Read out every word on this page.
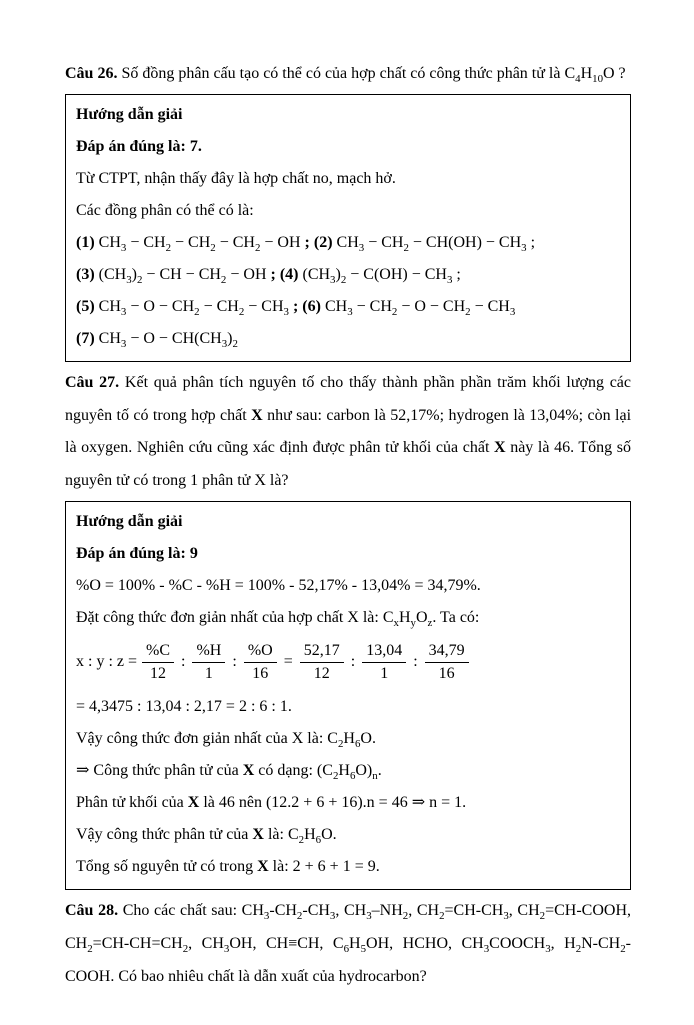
Câu 26. Số đồng phân cấu tạo có thể có của hợp chất có công thức phân tử là $C_4H_{10}O$ ?

Hướng dẫn giải

Đáp án đúng là: 7.

Từ CTPT, nhận thấy đây là hợp chất no, mạch hở.

Các đồng phân có thể có là:

(1) $CH_3 - CH_2 - CH_2 - CH_2$ − OH ; (2) $CH_3 - CH_2 - CH(OH) - CH_3$ ;

(3) $(CH_3)_2$ − CH − $CH_2$ − OH ; (4) $(CH_3)_2 - C(OH) - CH_3$ ;

(5) $CH_3 - O - CH_2 - CH_2 - CH_3$ ; (6) $CH_3 - CH_2 - O - CH_2 - CH_3$

(7) $CH_3 - O - CH(CH_3)_2$

Câu 27. Kết quả phân tích nguyên tố cho thấy thành phần phần trăm khối lượng các nguyên tố có trong hợp chất X như sau: carbon là 52,17%; hydrogen là 13,04%; còn lại là oxygen. Nghiên cứu cũng xác định được phân tử khối của chất X này là 46. Tổng số nguyên tử có trong 1 phân tử X là?

Hướng dẫn giải

Đáp án đúng là: 9

%O = 100% - %C - %H = 100% - 52,17% - 13,04% = 34,79%.

Đặt công thức đơn giản nhất của hợp chất X là: $C_xH_yO_z$. Ta có:

x : y : $z = \frac{\%C}{12}$ : $\frac{\%H}{1}$ : $\frac{\%O}{16} = \frac{52,17}{12}$ : $\frac{13,04}{1}$ : $\frac{34,79}{16}$

= 4,3475 : 13,04 : 2,17 = 2 : 6 : 1.

Vậy công thức đơn giản nhất của X là: $C_2H_6O$.

⇒ Công thức phân tử của X có dạng: $(C_2H_6O)_n$.

Phân tử khối của X là 46 nên (12.2 + 6 + 16).n = 46 ⇒ n = 1.

Vậy công thức phân tử của X là: $C_2H_6O$.

Tổng số nguyên tử có trong X là: 2 + 6 + 1 = 9.

Câu 28. Cho các chất sau: $CH_3-CH_2-CH_3$, $CH_3-NH_2$, $CH_2=CH-CH_3$, $CH_2=CH$-COOH, $CH_2=CH-CH=CH_2$, $CH_3OH$, CH≡CH, $C_6H_5OH$, HCHO, $CH_3COOCH_3$, $H_2N-CH_2$-COOH. Có bao nhiêu chất là dẫn xuất của hydrocarbon?
